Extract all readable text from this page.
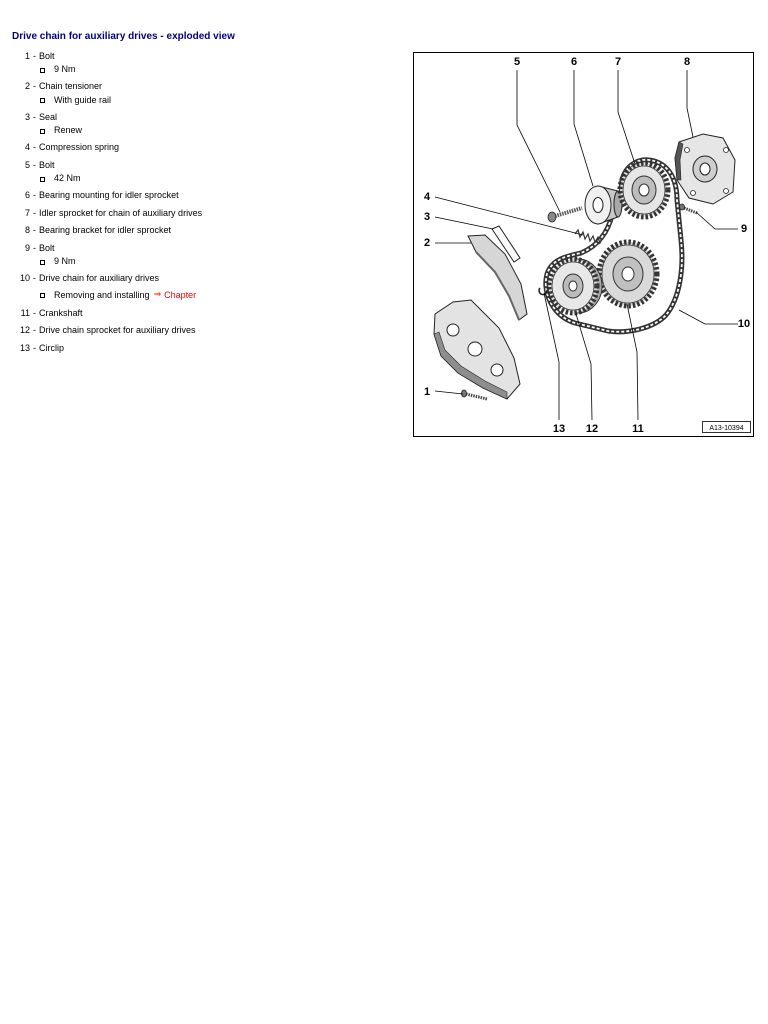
Drive chain for auxiliary drives - exploded view
1 - Bolt
9 Nm
2 - Chain tensioner
With guide rail
3 - Seal
Renew
4 - Compression spring
5 - Bolt
42 Nm
6 - Bearing mounting for idler sprocket
7 - Idler sprocket for chain of auxiliary drives
8 - Bearing bracket for idler sprocket
9 - Bolt
9 Nm
10 - Drive chain for auxiliary drives
Removing and installing ⇒ Chapter
11 - Crankshaft
12 - Drive chain sprocket for auxiliary drives
13 - Circlip
1
2
3
4
5	6	7	8
9
10
11
12
13	A13-10394
